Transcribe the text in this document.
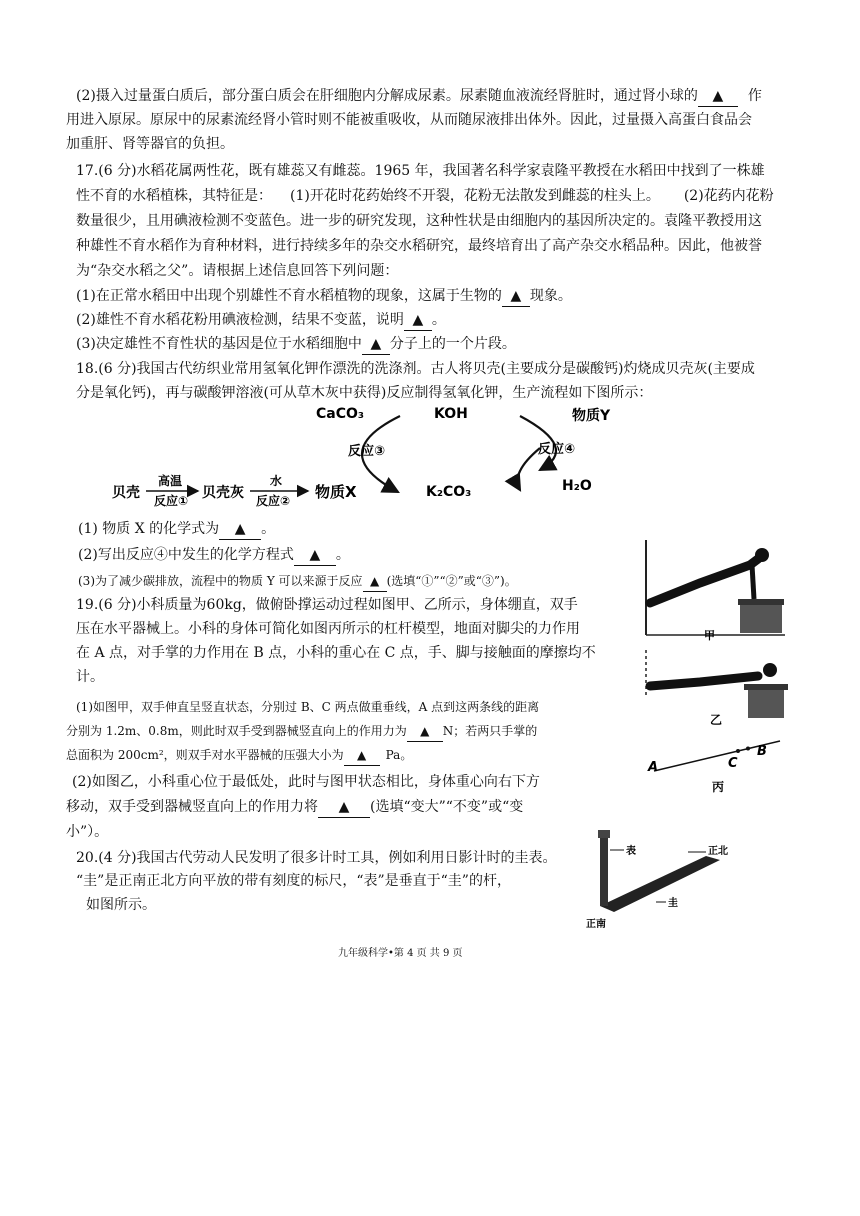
(2)摄入过量蛋白质后，部分蛋白质会在肝细胞内分解成尿素。尿素随血液流经肾脏时，通过肾小球的 ▲ 作
用进入原尿。原尿中的尿素流经肾小管时则不能被重吸收，从而随尿液排出体外。因此，过量摄入高蛋白食品会
加重肝、肾等器官的负担。
17.(6 分)水稻花属两性花，既有雄蕊又有雌蕊。1965 年，我国著名科学家袁隆平教授在水稻田中找到了一株雄
性不育的水稻植株，其特征是： (1)开花时花药始终不开裂，花粉无法散发到雌蕊的柱头上。 (2)花药内花粉
数量很少，且用碘液检测不变蓝色。进一步的研究发现，这种性状是由细胞内的基因所决定的。袁隆平教授用这
种雄性不育水稻作为育种材料，进行持续多年的杂交水稻研究，最终培育出了高产杂交水稻品种。因此，他被誉
为“杂交水稻之父”。请根据上述信息回答下列问题：
(1)在正常水稻田中出现个别雄性不育水稻植物的现象，这属于生物的 ▲ 现象。
(2)雄性不育水稻花粉用碘液检测，结果不变蓝，说明 ▲ 。
(3)决定雄性不育性状的基因是位于水稻细胞中 ▲ 分子上的一个片段。
18.(6 分)我国古代纺织业常用氢氧化钾作漂洗的洗涤剂。古人将贝壳(主要成分是碳酸钙)灼烧成贝壳灰(主要成
分是氧化钙)，再与碳酸钾溶液(可从草木灰中获得)反应制得氢氧化钾，生产流程如下图所示：
贝壳
高温
反应① 贝壳灰
水
反应② 物质X
CaCO₃
反应③
KOH
K₂CO₃
物质Y
反应④
H₂O
(1) 物质 X 的化学式为 ▲ 。
(2)写出反应④中发生的化学方程式 ▲ 。
(3)为了减少碳排放，流程中的物质 Y 可以来源于反应 ▲ (选填“①”“②”或“③”)。
19.(6 分)小科质量为60kg，做俯卧撑运动过程如图甲、乙所示，身体绷直，双手
压在水平器械上。小科的身体可简化如图丙所示的杠杆模型，地面对脚尖的力作用
在 A 点，对手掌的力作用在 B 点，小科的重心在 C 点，手、脚与接触面的摩擦均不
计。
(1)如图甲，双手伸直呈竖直状态，分别过 B、C 两点做重垂线，A 点到这两条线的距离
分别为 1.2m、0.8m，则此时双手受到器械竖直向上的作用力为 ▲ N；若两只手掌的
总面积为 200cm²，则双手对水平器械的压强大小为 ▲ Pa。
(2)如图乙，小科重心位于最低处，此时与图甲状态相比，身体重心向右下方
移动，双手受到器械竖直向上的作用力将 ▲ (选填“变大”“不变”或“变
小”）。
甲
乙
A	C
B
丙
20.(4 分)我国古代劳动人民发明了很多计时工具，例如利用日影计时的圭表。
“圭”是正南正北方向平放的带有刻度的标尺，“表”是垂直于“圭”的杆，
如图所示。
表	正北
圭
正南
九年级科学•第 4 页 共 9 页
